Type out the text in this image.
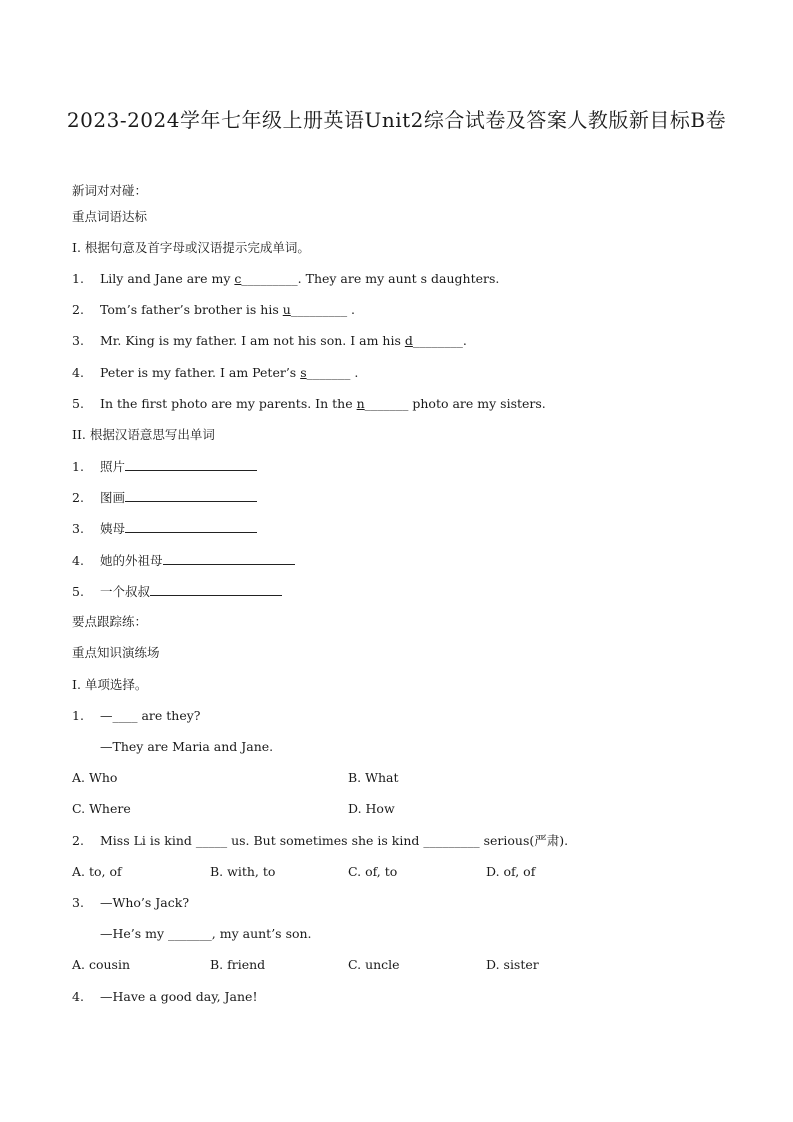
2023-2024学年七年级上册英语Unit2综合试卷及答案人教版新目标B卷
新词对对碰：
重点词语达标
I. 根据句意及首字母或汉语提示完成单词。
1. Lily and Jane are my c_________. They are my aunt s daughters.
2. Tom’s father’s brother is his u_________ .
3. Mr. King is my father. I am not his son. I am his d________.
4. Peter is my father. I am Peter’s s_______ .
5. In the first photo are my parents. In the n_______ photo are my sisters.
II. 根据汉语意思写出单词
1. 照片
2. 图画
3. 姨母
4. 她的外祖母
5. 一个叔叔
要点跟踪练：
重点知识演练场
I. 单项选择。
1. —____ are they?
—They are Maria and Jane.
A. Who	B. What
C. Where	D. How
2. Miss Li is kind _____ us. But sometimes she is kind _________ serious(严肃).
A. to, of	B. with, to	C. of, to	D. of, of
3. —Who’s Jack?
—He’s my _______, my aunt’s son.
A. cousin	B. friend	C. uncle	D. sister
4. —Have a good day, Jane!
